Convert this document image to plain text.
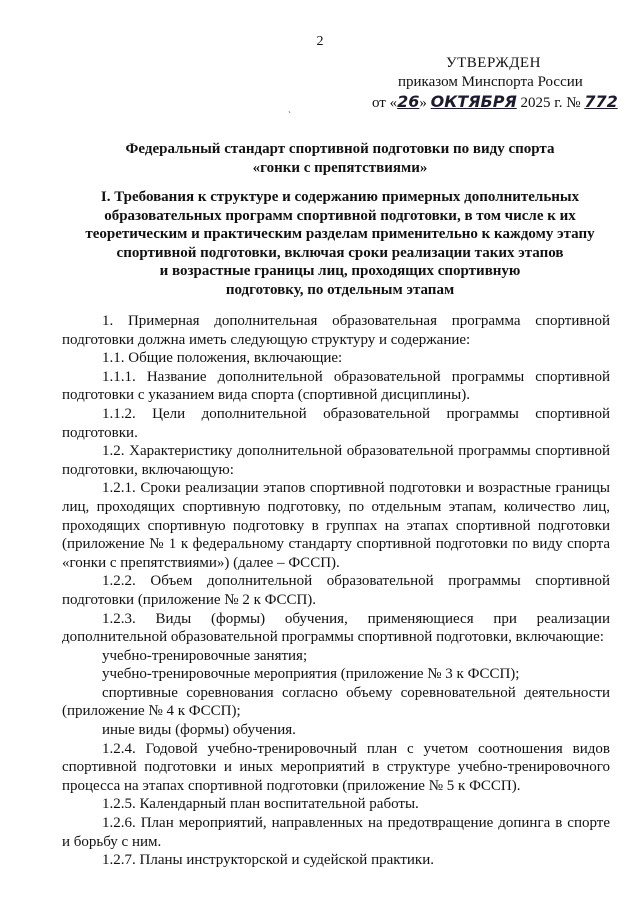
2
УТВЕРЖДЕН
приказом Минспорта России
от «26» ОКТЯБРЯ 2025 г. № 772
`
Федеральный стандарт спортивной подготовки по виду спорта
«гонки с препятствиями»
I. Требования к структуре и содержанию примерных дополнительных
образовательных программ спортивной подготовки, в том числе к их
теоретическим и практическим разделам применительно к каждому этапу
спортивной подготовки, включая сроки реализации таких этапов
и возрастные границы лиц, проходящих спортивную
подготовку, по отдельным этапам

1. Примерная дополнительная образовательная программа спортивной подготовки должна иметь следующую структуру и содержание:

1.1. Общие положения, включающие:

1.1.1. Название дополнительной образовательной программы спортивной подготовки с указанием вида спорта (спортивной дисциплины).

1.1.2. Цели дополнительной образовательной программы спортивной подготовки.

1.2. Характеристику дополнительной образовательной программы спортивной подготовки, включающую:

1.2.1. Сроки реализации этапов спортивной подготовки и возрастные границы лиц, проходящих спортивную подготовку, по отдельным этапам, количество лиц, проходящих спортивную подготовку в группах на этапах спортивной подготовки (приложение № 1 к федеральному стандарту спортивной подготовки по виду спорта «гонки с препятствиями») (далее – ФССП).

1.2.2. Объем дополнительной образовательной программы спортивной подготовки (приложение № 2 к ФССП).

1.2.3. Виды (формы) обучения, применяющиеся при реализации дополнительной образовательной программы спортивной подготовки, включающие:

учебно-тренировочные занятия;

учебно-тренировочные мероприятия (приложение № 3 к ФССП);

спортивные соревнования согласно объему соревновательной деятельности (приложение № 4 к ФССП);

иные виды (формы) обучения.

1.2.4. Годовой учебно-тренировочный план с учетом соотношения видов спортивной подготовки и иных мероприятий в структуре учебно-тренировочного процесса на этапах спортивной подготовки (приложение № 5 к ФССП).

1.2.5. Календарный план воспитательной работы.

1.2.6. План мероприятий, направленных на предотвращение допинга в спорте и борьбу с ним.

1.2.7. Планы инструкторской и судейской практики.
